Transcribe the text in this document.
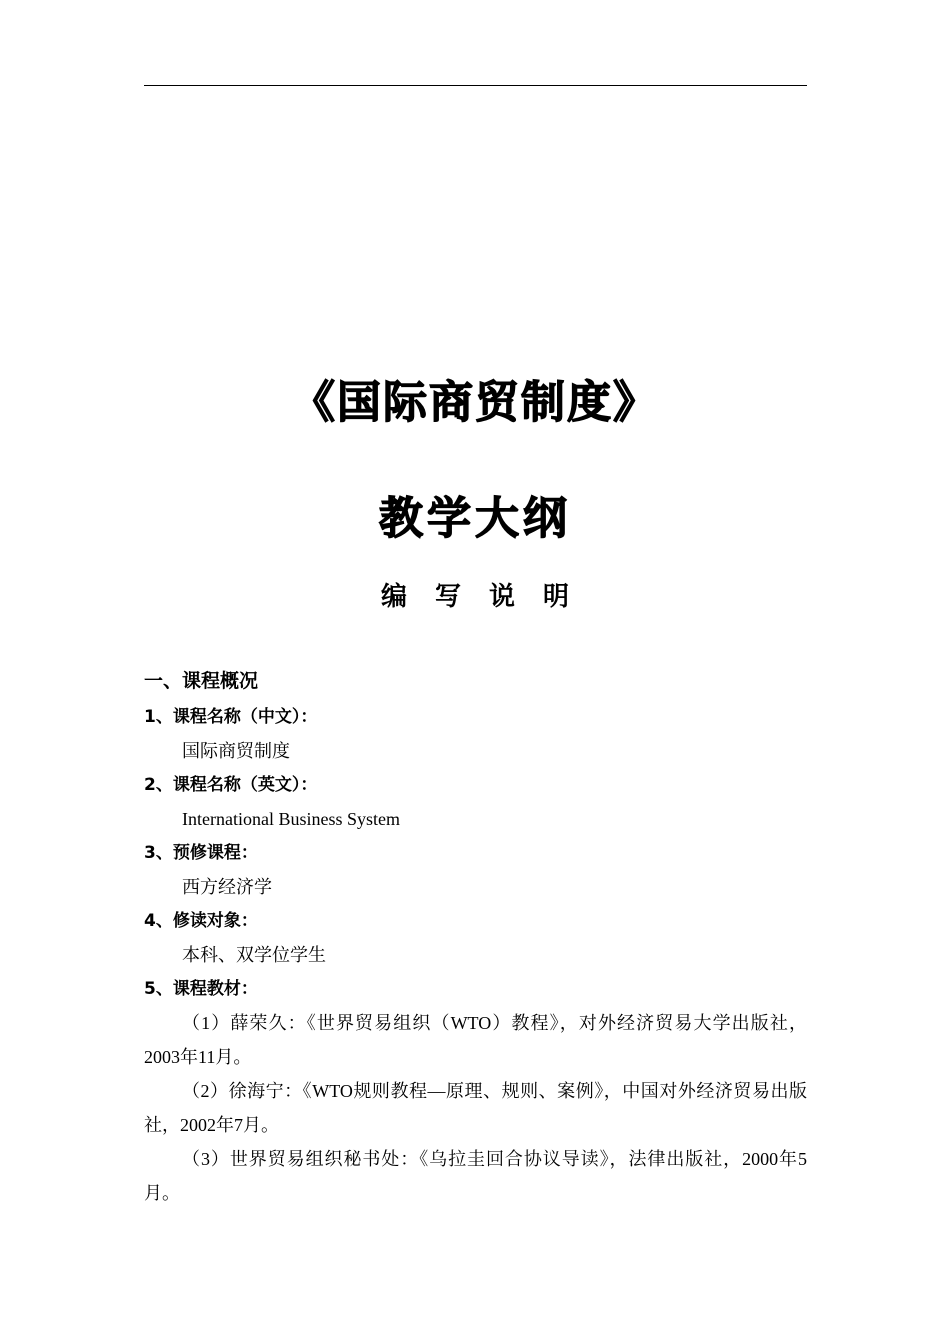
《国际商贸制度》
教学大纲
编写说明
一、课程概况
1、课程名称（中文）：
国际商贸制度
2、课程名称（英文）：
International Business System
3、预修课程：
西方经济学
4、修读对象：
本科、双学位学生
5、课程教材：
（1）薛荣久：《世界贸易组织（WTO）教程》，对外经济贸易大学出版社，2003年11月。
（2）徐海宁：《WTO规则教程—原理、规则、案例》，中国对外经济贸易出版社，2002年7月。
（3）世界贸易组织秘书处：《乌拉圭回合协议导读》，法律出版社，2000年5月。
